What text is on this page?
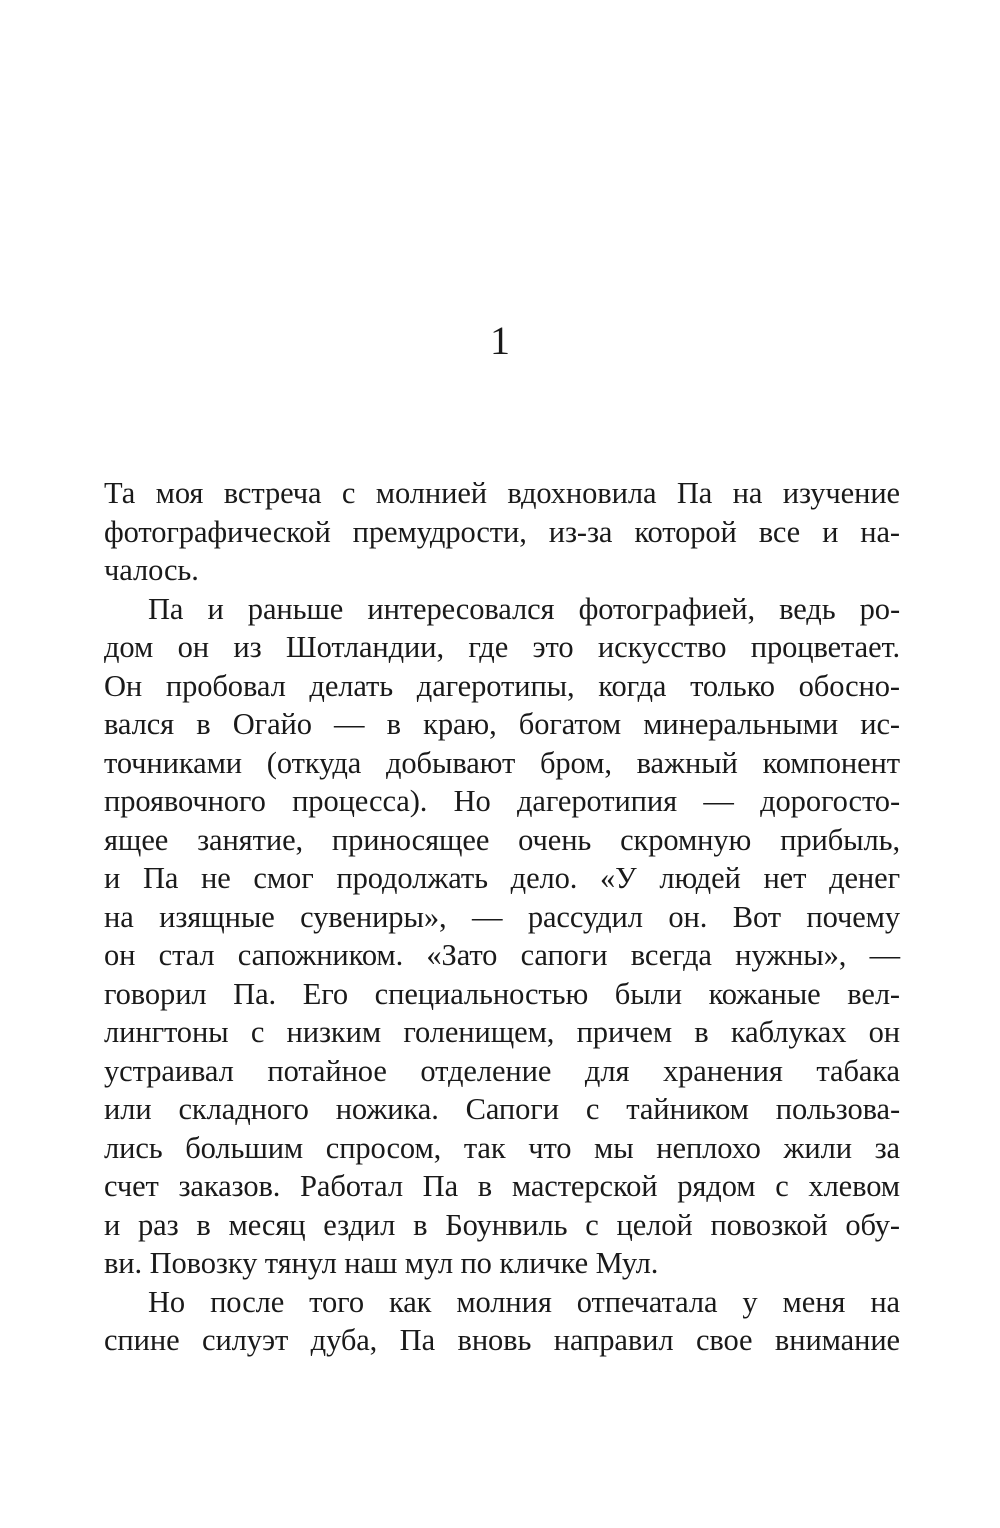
1
Та моя встреча с молнией вдохновила Па на изучение
фотографической премудрости, из-за которой все и на-
чалось.
Па и раньше интересовался фотографией, ведь ро-
дом он из Шотландии, где это искусство процветает.
Он пробовал делать дагеротипы, когда только обосно-
вался в Огайо — в краю, богатом минеральными ис-
точниками (откуда добывают бром, важный компонент
проявочного процесса). Но дагеротипия — дорогосто-
ящее занятие, приносящее очень скромную прибыль,
и Па не смог продолжать дело. «У людей нет денег
на изящные сувениры», — рассудил он. Вот почему
он стал сапожником. «Зато сапоги всегда нужны», —
говорил Па. Его специальностью были кожаные вел-
лингтоны с низким голенищем, причем в каблуках он
устраивал потайное отделение для хранения табака
или складного ножика. Сапоги с тайником пользова-
лись большим спросом, так что мы неплохо жили за
счет заказов. Работал Па в мастерской рядом с хлевом
и раз в месяц ездил в Боунвиль с целой повозкой обу-
ви. Повозку тянул наш мул по кличке Мул.
Но после того как молния отпечатала у меня на
спине силуэт дуба, Па вновь направил свое внимание
